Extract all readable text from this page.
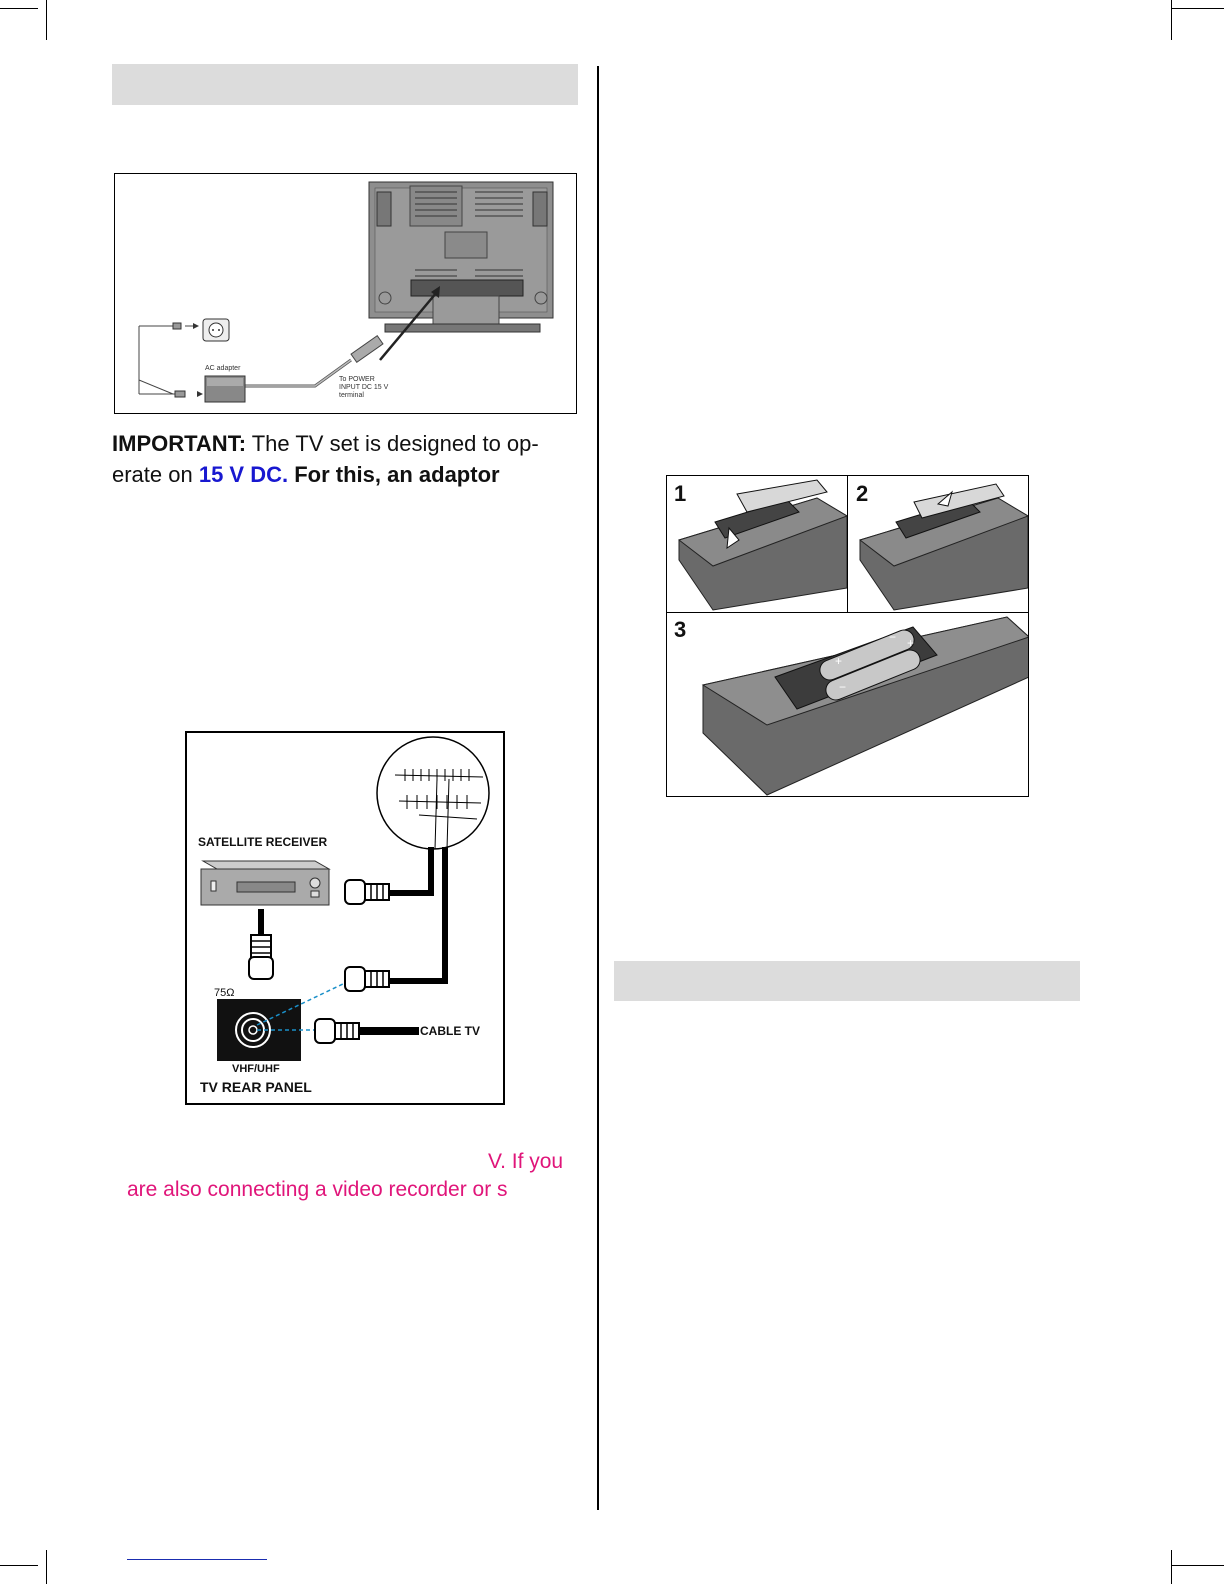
AC adapter
To POWER
INPUT DC 15 V
terminal
IMPORTANT: The TV set is designed to op-
erate on 15 V DC. For this, an adaptor
SATELLITE RECEIVER
75Ω
VHF/UHF
TV REAR PANEL
CABLE TV
V. If you
are also connecting a video recorder or s
1	2
+
+
−
−
3
